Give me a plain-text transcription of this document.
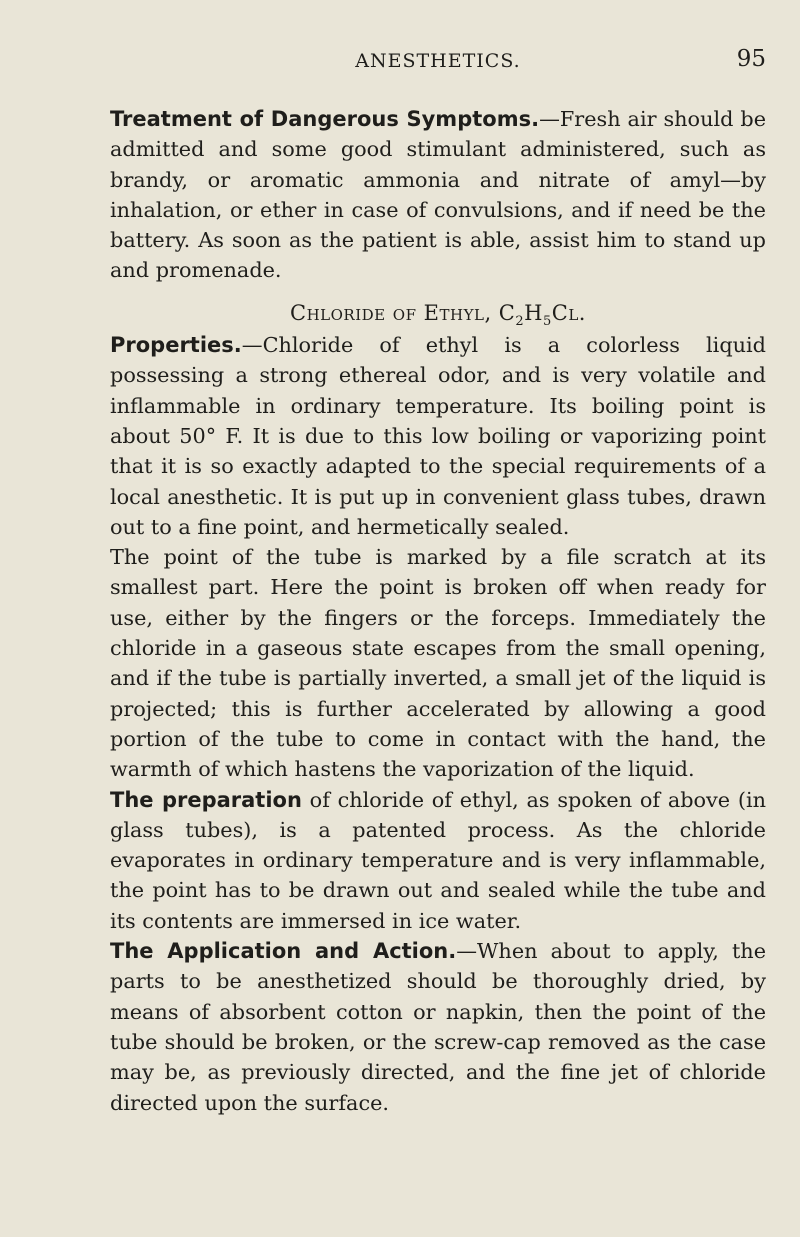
ANESTHETICS.	95

Treatment of Dangerous Symptoms.—Fresh air should be admitted and some good stimulant administered, such as brandy, or aromatic ammonia and nitrate of amyl—by inhalation, or ether in case of convulsions, and if need be the battery. As soon as the patient is able, assist him to stand up and promenade.

Chloride of Ethyl, $C_2H_5Cl$.

Properties.—Chloride of ethyl is a colorless liquid possessing a strong ethereal odor, and is very volatile and inflammable in ordinary temperature. Its boiling point is about 50° F. It is due to this low boiling or vaporizing point that it is so exactly adapted to the special requirements of a local anesthetic. It is put up in convenient glass tubes, drawn out to a fine point, and hermetically sealed.

The point of the tube is marked by a file scratch at its smallest part. Here the point is broken off when ready for use, either by the fingers or the forceps. Immediately the chloride in a gaseous state escapes from the small opening, and if the tube is partially inverted, a small jet of the liquid is projected; this is further accelerated by allowing a good portion of the tube to come in contact with the hand, the warmth of which hastens the vaporization of the liquid.

The preparation of chloride of ethyl, as spoken of above (in glass tubes), is a patented process. As the chloride evaporates in ordinary temperature and is very inflammable, the point has to be drawn out and sealed while the tube and its contents are immersed in ice water.

The Application and Action.—When about to apply, the parts to be anesthetized should be thoroughly dried, by means of absorbent cotton or napkin, then the point of the tube should be broken, or the screw-cap removed as the case may be, as previously directed, and the fine jet of chloride directed upon the surface.
